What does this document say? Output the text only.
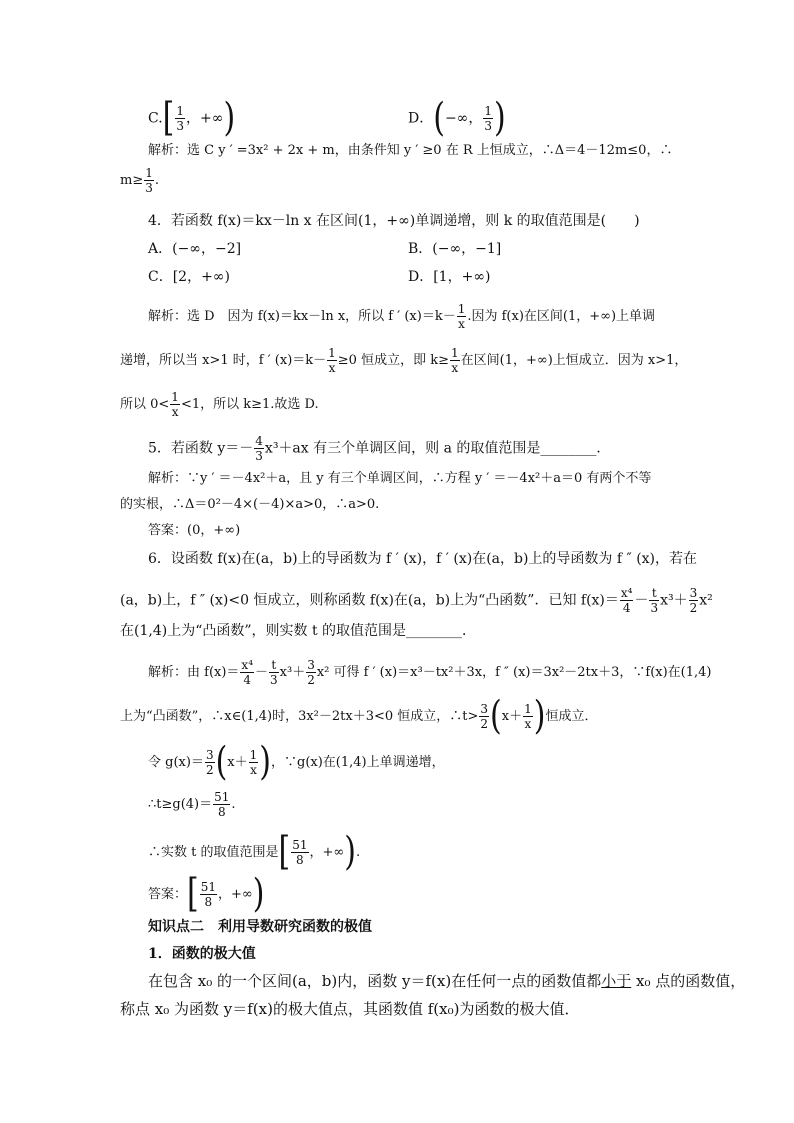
$C.[ \frac{1}{3}$ ，+∞)	D．(−∞， $\frac{1}{3}$ )
解析：选 C y ′ =3x² + 2x + m，由条件知 y ′ ≥0 在 R 上恒成立，∴Δ＝4－12m≤0，∴
$m\ge \frac{1}{3}$ .
4．若函数 f(x)＝kx－ln x 在区间(1，+∞)单调递增，则 k 的取值范围是(　　)
A．(−∞，−2]	B．(−∞，−1]
C．[2，+∞)	D．[1，+∞)
解析：选 D　因为 f(x)＝kx－ln x，所以 f ′ $(x)=k- \frac{1}{x}$ .因为 f(x)在区间(1，+∞)上单调
递增，所以当 x>1 时，f ′ $(x)=k- \frac{1}{x} \ge 0$ 恒成立，即 $k\ge \frac{1}{x}$ 在区间(1，+∞)上恒成立．因为 x>1，
所以 $0< \frac{1}{x} <1$，所以 k≥1.故选 D.
5．若函数 $y=- \frac{4}{3} x^3+ax$ 有三个单调区间，则 a 的取值范围是________．
解析：∵y ′ ＝－4x²＋a，且 y 有三个单调区间，∴方程 y ′ ＝－4x²＋a＝0 有两个不等
的实根，∴Δ＝0²－4×(－4)×a>0，∴a>0.
答案：(0，+∞)
6．设函数 f(x)在(a，b)上的导函数为 f ′ (x)，f ′ (x)在(a，b)上的导函数为 f ″ (x)，若在
(a，b)上，f ″ (x)<0 恒成立，则称函数 f(x)在(a，b)上为“凸函数”．已知 $f(x)= \frac{\text{x⁴}}{4} - \frac{t}{3} x^3+ \frac{3}{2} x^2$
在(1,4)上为“凸函数”，则实数 t 的取值范围是________．
解析：由 $f(x)= \frac{\text{x⁴}}{4} - \frac{t}{3} x^3+ \frac{3}{2} x^2$ 可得 f ′ (x)＝x³－tx²＋3x，f ″ (x)＝3x²－2tx＋3，∵f(x)在(1,4)
上为“凸函数”，∴x∈(1,4)时，3x²－2tx＋3<0 恒成立，∴t> $\frac{3}{2} (x+ \frac{1}{x}$ )恒成立．
令 $g(x)= \frac{3}{2} (x+ \frac{1}{x}$ )，∵g(x)在(1,4)上单调递增，
∴t≥g(4)＝ $\frac{51}{8}$ .
∴实数 t 的取值范围是[ $\frac{51}{8}$ ，+∞).
答案：[ $\frac{51}{8}$ ，+∞)
知识点二　利用导数研究函数的极值
1．函数的极大值
在包含 x₀ 的一个区间(a，b)内，函数 y＝f(x)在任何一点的函数值都小于 x₀ 点的函数值，
称点 x₀ 为函数 y＝f(x)的极大值点，其函数值 f(x₀)为函数的极大值．
